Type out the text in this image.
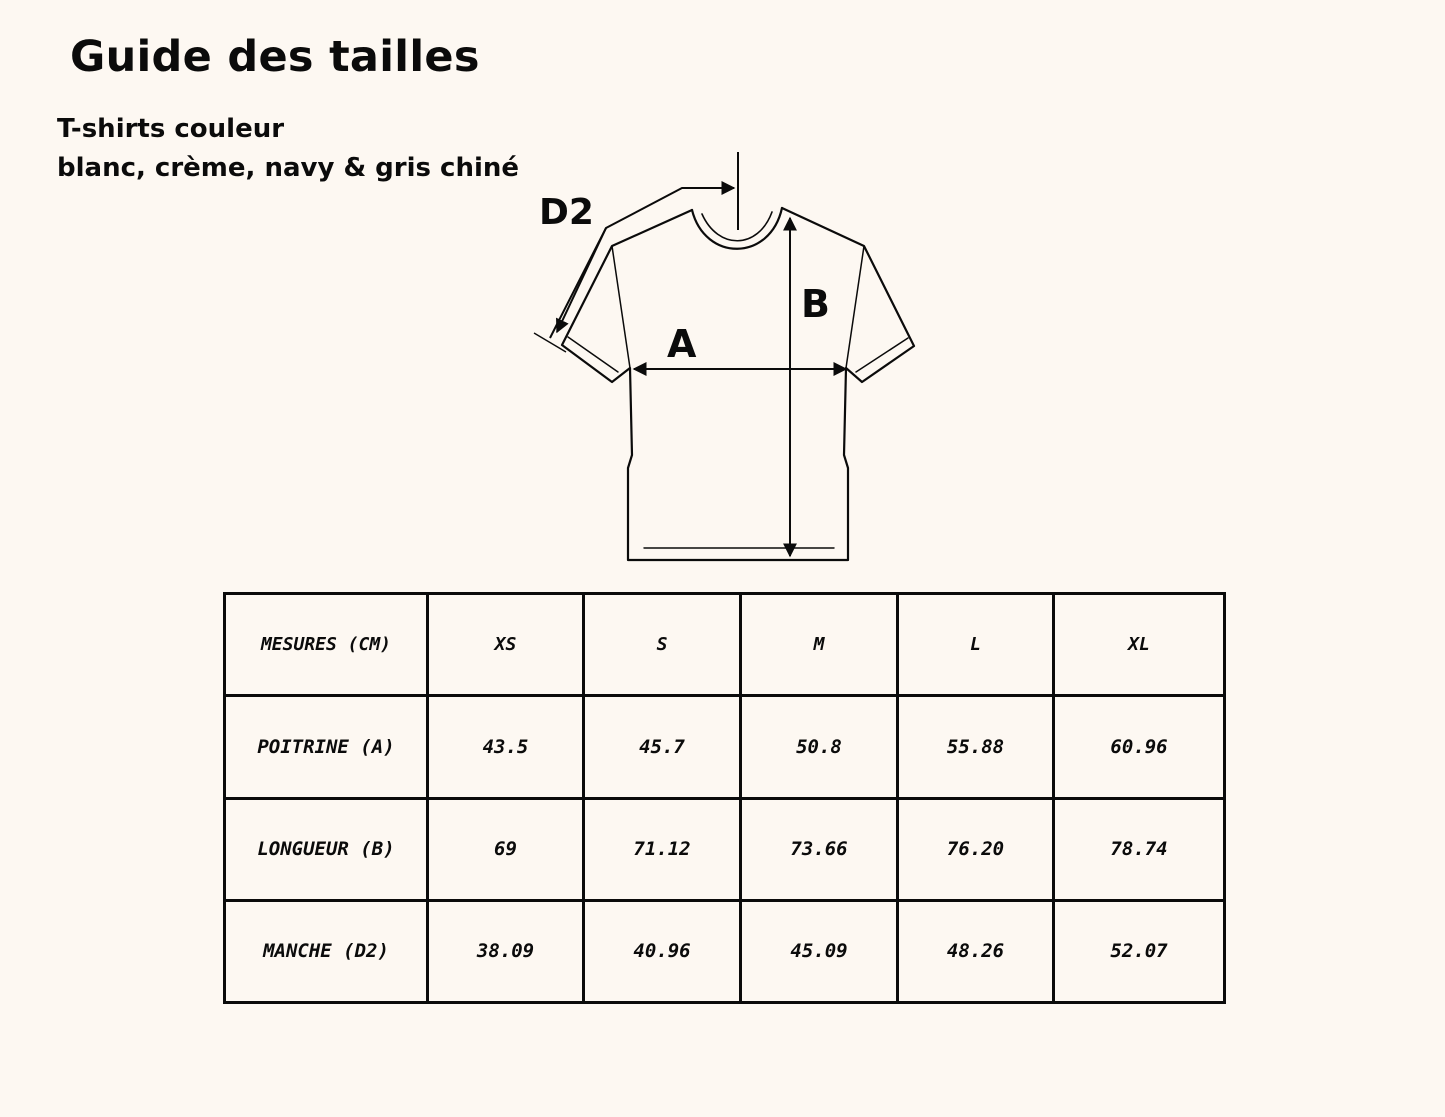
Guide des tailles
T-shirts couleur
blanc, crème, navy & gris chiné
D2
A
B
MESURES (CM)	XS	S	M	L	XL
POITRINE (A)	43.5	45.7	50.8	55.88	60.96
LONGUEUR (B)	69	71.12	73.66	76.20	78.74
MANCHE (D2)	38.09	40.96	45.09	48.26	52.07
